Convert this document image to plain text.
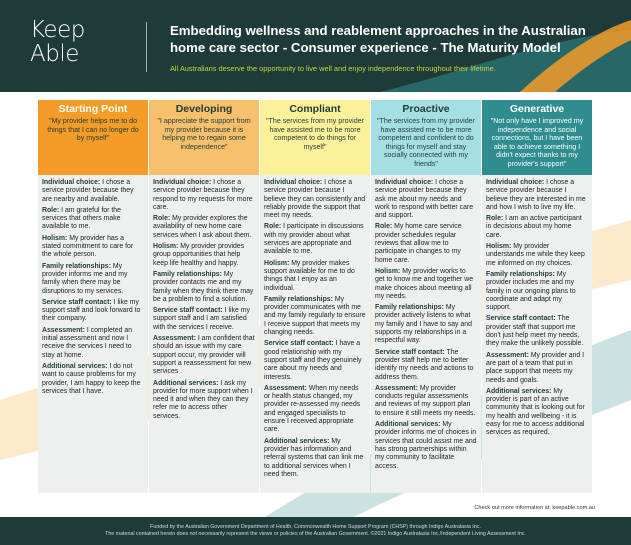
Keep
Able
Embedding wellness and reablement approaches in the Australian
home care sector - Consumer experience - The Maturity Model
All Australians deserve the opportunity to live well and enjoy independence throughout their lifetime.
Starting Point
"My provider helps me to do things that I can no longer do by myself"

Individual choice: I chose a service provider because they are nearby and available.

Role: I am grateful for the services that others make available to me.

Holism: My provider has a stated commitment to care for the whole person.

Family relationships: My provider informs me and my family when there may be disruptions to my services.

Service staff contact: I like my support staff and look forward to their company.

Assessment: I completed an initial assessment and now I receive the services I need to stay at home.

Additional services: I do not want to cause problems for my provider, I am happy to keep the services that I have.

Developing
"I appreciate the support from my provider because it is helping me to regain some independence"

Individual choice: I chose a service provider because they respond to my requests for more care.

Role: My provider explores the availability of new home care services when I ask about them.

Holism: My provider provides group opportunities that help keep life healthy and happy.

Family relationships: My provider contacts me and my family when they think there may be a problem to find a solution.

Service staff contact: I like my support staff and I am satisfied with the services I receive.

Assessment: I am confident that should an issue with my care support occur, my provider will support a reassessment for new services .

Additional services: I ask my provider for more support when I need it and when they can they refer me to access other services.

Compliant
"The services from my provider have assisted me to be more competent to do things for myself"

Individual choice: I chose a service provider because I believe they can consistently and reliably provide the support that meet my needs.

Role: I participate in discussions with my provider about what services are appropriate and available to me.

Holism: My provider makes support available for me to do things that I enjoy as an individual.

Family relationships: My provider communicates with me and my family regularly to ensure I receive support that meets my changing needs.

Service staff contact: I have a good relationship with my support staff and they genuinely care about my needs and interests.

Assessment: When my needs or health status changed, my provider re-assessed my needs and engaged specialists to ensure I received appropriate care.

Additional services: My provider has information and referral systems that can link me to additional services when I need them.

Proactive
"The services from my provider have assisted me to be more competent and confident to do things for myself and stay socially connected with my friends"

Individual choice: I chose a service provider because they ask me about my needs and work to respond with better care and support.

Role: My home care service provider schedules regular reviews that allow me to participate in changes to my home care.

Holism: My provider works to get to know me and together we make choices about meeting all my needs.

Family relationships: My provider actively listens to what my family and I have to say and supports my relationships in a respectful way.

Service staff contact: The provider staff help me to better identify my needs and actions to address them.

Assessment: My provider conducts regular assessments and reviews of my support plan to ensure it still meets my needs.

Additional services: My provider informs me of choices in services that could assist me and has strong partnerships within my community to facilitate access.

Generative
"Not only have I improved my independence and social connections, but I have been able to achieve something I didn't expect thanks to my provider's support"

Individual choice: I chose a service provider because I believe they are interested in me and how I wish to live my life.

Role: I am an active participant in decisions about my home care.

Holism: My provider understands me while they keep me informed on my choices.

Family relationships: My provider includes me and my family in our ongoing plans to coordinate and adapt my support.

Service staff contact: The provider staff that support me don't just help meet my needs, they make the unlikely possible.

Assessment: My provider and I are part of a team that put in place support that meets my needs and goals.

Additional services: My provider is part of an active community that is looking out for my health and wellbeing - it is easy for me to access additional services as required.

Check out more information at: keepable.com.au
Funded by the Australian Government Department of Health, Commonwealth Home Support Program (CHSP) through Indigo Australasia Inc.
The material contained herein does not necessarily represent the views or policies of the Australian Government. ©2021 Indigo Australasia Inc./Independent Living Assessment Inc.
